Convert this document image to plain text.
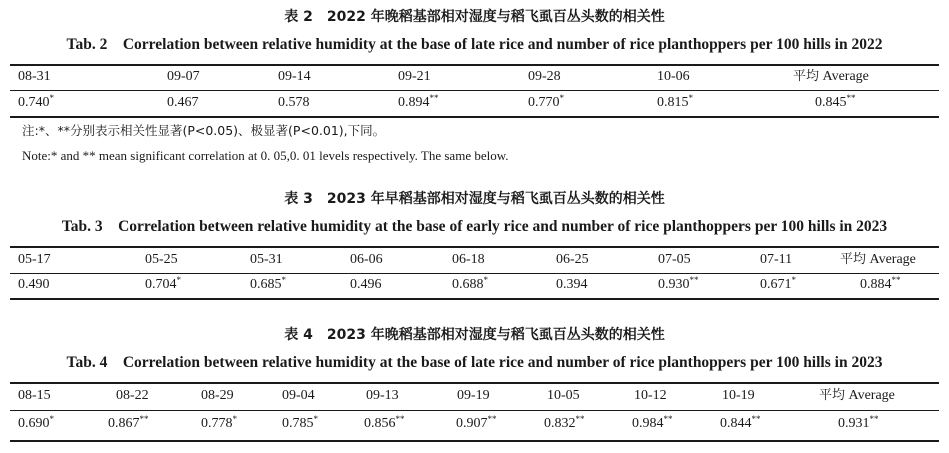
表 2　2022 年晚稻基部相对湿度与稻飞虱百丛头数的相关性
Tab. 2　Correlation between relative humidity at the base of late rice and number of rice planthoppers per 100 hills in 2022
08-31	09-07	09-14	09-21	09-28	10-06	平均 Average
0.740*	0.467	0.578	0.894**	0.770*	0.815*	0.845**
注:*、**分别表示相关性显著(P<0.05)、极显著(P<0.01),下同。
Note:* and ** mean significant correlation at 0. 05,0. 01 levels respectively. The same below.
表 3　2023 年早稻基部相对湿度与稻飞虱百丛头数的相关性
Tab. 3　Correlation between relative humidity at the base of early rice and number of rice planthoppers per 100 hills in 2023
05-17	05-25	05-31	06-06	06-18	06-25	07-05	07-11	平均 Average
0.490	0.704*	0.685*	0.496	0.688*	0.394	0.930**	0.671*	0.884**
表 4　2023 年晚稻基部相对湿度与稻飞虱百丛头数的相关性
Tab. 4　Correlation between relative humidity at the base of late rice and number of rice planthoppers per 100 hills in 2023
08-15	08-22	08-29	09-04	09-13	09-19	10-05	10-12	10-19	平均 Average
0.690*	0.867**	0.778*	0.785*	0.856**	0.907**	0.832**	0.984**	0.844**	0.931**
